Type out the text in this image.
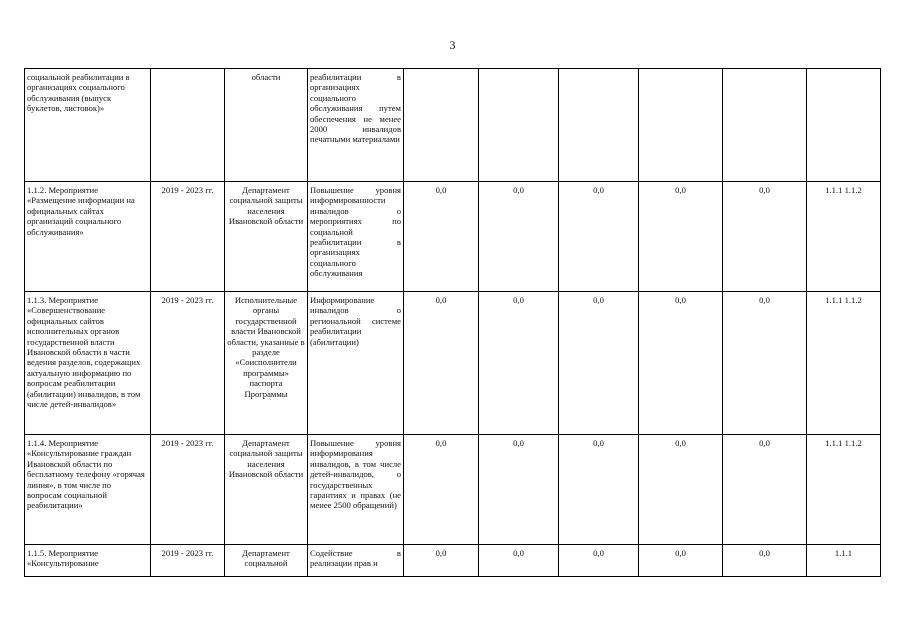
3
социальной реабилитации в организациях социального обслуживания (выпуск буклетов, листовок)»		области	реабилитации в организациях социального обслуживания путем обеспечения не менее 2000 инвалидов печатными материалами						
1.1.2. Мероприятие «Размещение информации на официальных сайтах организаций социального обслуживания»	2019 - 2023 гг.	Департамент социальной защиты населения Ивановской области	Повышение уровня информированности инвалидов о мероприятиях по социальной реабилитации в организациях социального обслуживания	0,0	0,0	0,0	0,0	0,0	1.1.1 1.1.2
1.1.3. Мероприятие «Совершенствование официальных сайтов исполнительных органов государственной власти Ивановской области в части ведения разделов, содержащих актуальную информацию по вопросам реабилитации (абилитации) инвалидов, в том числе детей-инвалидов»	2019 - 2023 гг.	Исполнительные органы государственной власти Ивановской области, указанные в разделе «Соисполнители программы» паспорта Программы	Информирование инвалидов о региональной системе реабилитации (абилитации)	0,0	0,0	0,0	0,0	0,0	1.1.1 1.1.2
1.1.4. Мероприятие «Консультирование граждан Ивановской области по бесплатному телефону «горячая линия», в том числе по вопросам социальной реабилитации»	2019 - 2023 гг.	Департамент социальной защиты населения Ивановской области	Повышение уровня информирования инвалидов, в том числе детей-инвалидов, о государственных гарантиях и правах (не менее 2500 обращений)	0,0	0,0	0,0	0,0	0,0	1.1.1 1.1.2
1.1.5. Мероприятие «Консультирование	2019 - 2023 гг.	Департамент социальной	Содействие в реализации прав и	0,0	0,0	0,0	0,0	0,0	1.1.1
